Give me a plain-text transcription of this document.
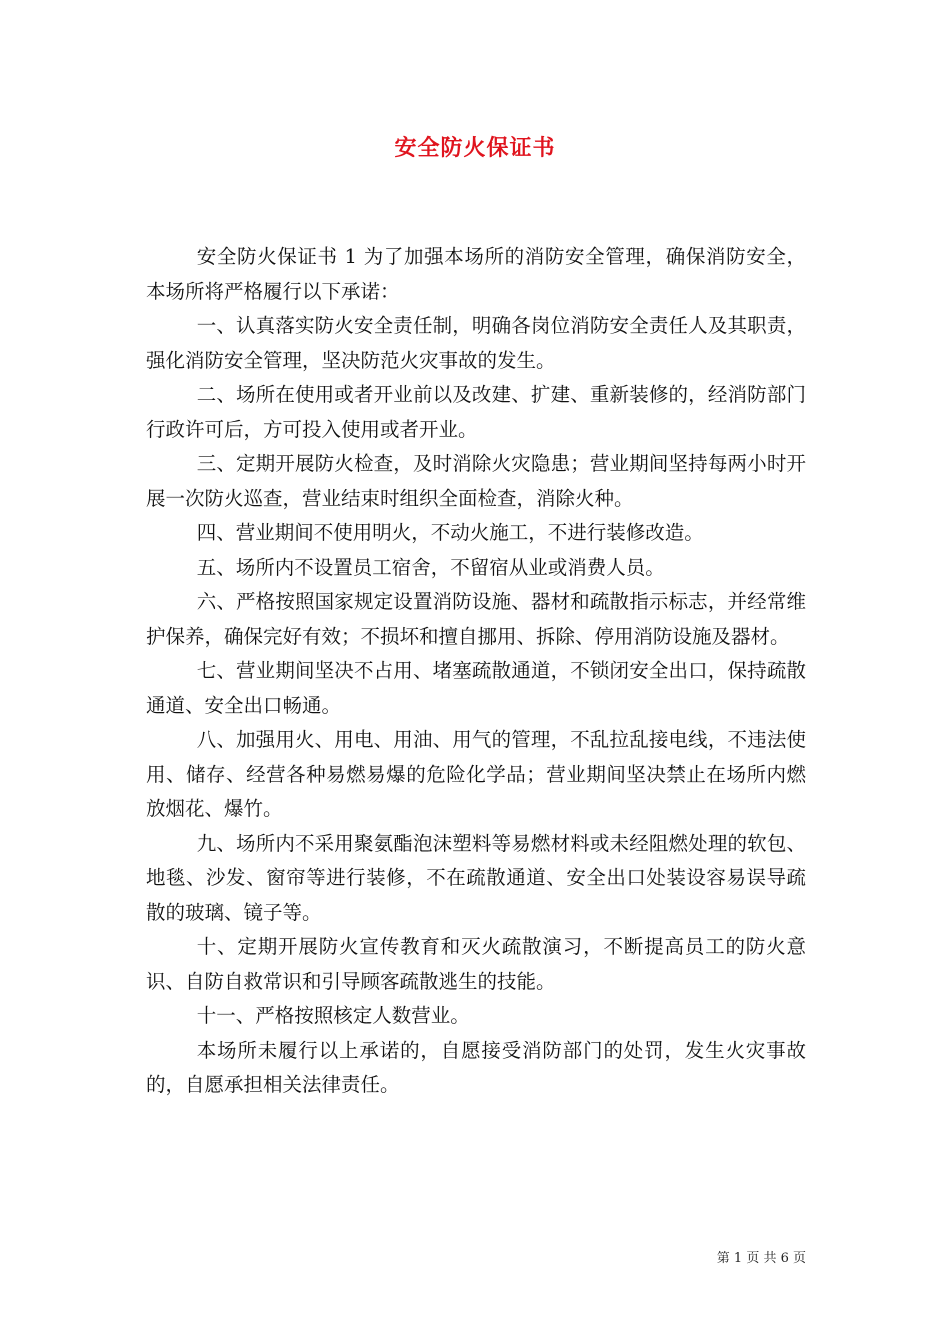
安全防火保证书

安全防火保证书 1 为了加强本场所的消防安全管理，确保消防安全，本场所将严格履行以下承诺：

一、认真落实防火安全责任制，明确各岗位消防安全责任人及其职责，强化消防安全管理，坚决防范火灾事故的发生。

二、场所在使用或者开业前以及改建、扩建、重新装修的，经消防部门行政许可后，方可投入使用或者开业。

三、定期开展防火检查，及时消除火灾隐患；营业期间坚持每两小时开展一次防火巡查，营业结束时组织全面检查，消除火种。

四、营业期间不使用明火，不动火施工，不进行装修改造。

五、场所内不设置员工宿舍，不留宿从业或消费人员。

六、严格按照国家规定设置消防设施、器材和疏散指示标志，并经常维护保养，确保完好有效；不损坏和擅自挪用、拆除、停用消防设施及器材。

七、营业期间坚决不占用、堵塞疏散通道，不锁闭安全出口，保持疏散通道、安全出口畅通。

八、加强用火、用电、用油、用气的管理，不乱拉乱接电线，不违法使用、储存、经营各种易燃易爆的危险化学品；营业期间坚决禁止在场所内燃放烟花、爆竹。

九、场所内不采用聚氨酯泡沫塑料等易燃材料或未经阻燃处理的软包、地毯、沙发、窗帘等进行装修，不在疏散通道、安全出口处装设容易误导疏散的玻璃、镜子等。

十、定期开展防火宣传教育和灭火疏散演习，不断提高员工的防火意识、自防自救常识和引导顾客疏散逃生的技能。

十一、严格按照核定人数营业。

本场所未履行以上承诺的，自愿接受消防部门的处罚，发生火灾事故的，自愿承担相关法律责任。

第 1 页 共 6 页
